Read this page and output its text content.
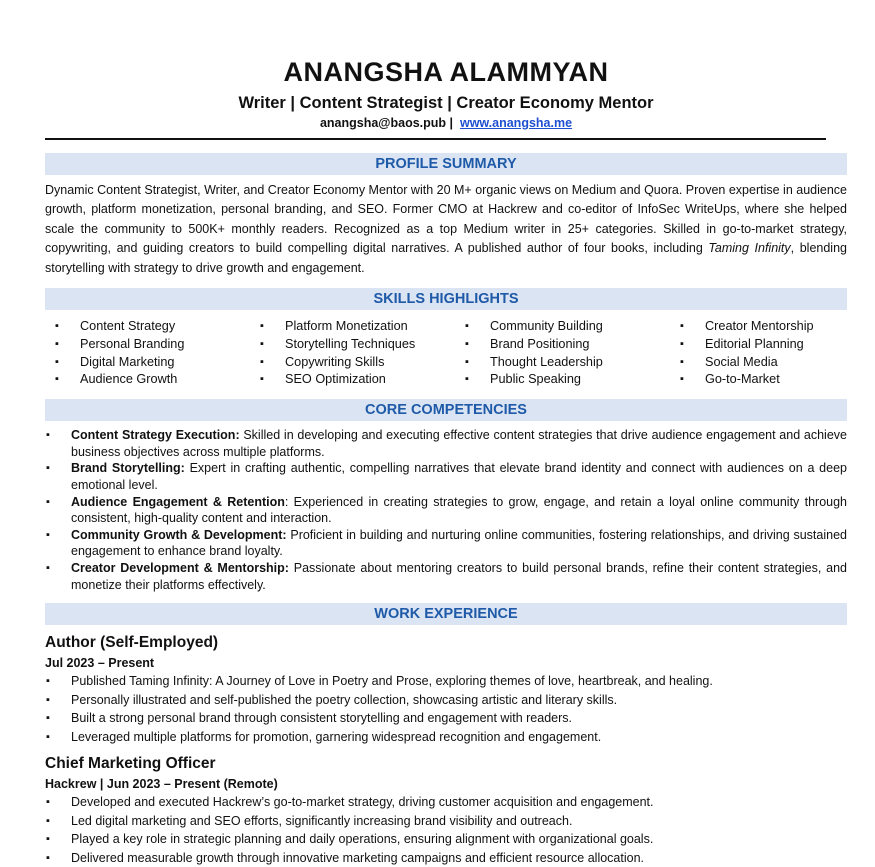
ANANGSHA ALAMMYAN
Writer | Content Strategist | Creator Economy Mentor
anangsha@baos.pub | www.anangsha.me
PROFILE SUMMARY
Dynamic Content Strategist, Writer, and Creator Economy Mentor with 20 M+ organic views on Medium and Quora. Proven expertise in audience growth, platform monetization, personal branding, and SEO. Former CMO at Hackrew and co-editor of InfoSec WriteUps, where she helped scale the community to 500K+ monthly readers. Recognized as a top Medium writer in 25+ categories. Skilled in go-to-market strategy, copywriting, and guiding creators to build compelling digital narratives. A published author of four books, including Taming Infinity, blending storytelling with strategy to drive growth and engagement.
SKILLS HIGHLIGHTS
▪ Content Strategy
▪ Personal Branding
▪ Digital Marketing
▪ Audience Growth
▪ Platform Monetization
▪ Storytelling Techniques
▪ Copywriting Skills
▪ SEO Optimization
▪ Community Building
▪ Brand Positioning
▪ Thought Leadership
▪ Public Speaking
▪ Creator Mentorship
▪ Editorial Planning
▪ Social Media
▪ Go-to-Market
CORE COMPETENCIES
▪ Content Strategy Execution: Skilled in developing and executing effective content strategies that drive audience engagement and achieve business objectives across multiple platforms.
▪ Brand Storytelling: Expert in crafting authentic, compelling narratives that elevate brand identity and connect with audiences on a deep emotional level.
▪ Audience Engagement & Retention: Experienced in creating strategies to grow, engage, and retain a loyal online community through consistent, high-quality content and interaction.
▪ Community Growth & Development: Proficient in building and nurturing online communities, fostering relationships, and driving sustained engagement to enhance brand loyalty.
▪ Creator Development & Mentorship: Passionate about mentoring creators to build personal brands, refine their content strategies, and monetize their platforms effectively.
WORK EXPERIENCE
Author (Self-Employed)
Jul 2023 – Present
▪ Published Taming Infinity: A Journey of Love in Poetry and Prose, exploring themes of love, heartbreak, and healing.
▪ Personally illustrated and self-published the poetry collection, showcasing artistic and literary skills.
▪ Built a strong personal brand through consistent storytelling and engagement with readers.
▪ Leveraged multiple platforms for promotion, garnering widespread recognition and engagement.
Chief Marketing Officer
Hackrew | Jun 2023 – Present (Remote)
▪ Developed and executed Hackrew’s go-to-market strategy, driving customer acquisition and engagement.
▪ Led digital marketing and SEO efforts, significantly increasing brand visibility and outreach.
▪ Played a key role in strategic planning and daily operations, ensuring alignment with organizational goals.
▪ Delivered measurable growth through innovative marketing campaigns and efficient resource allocation.
